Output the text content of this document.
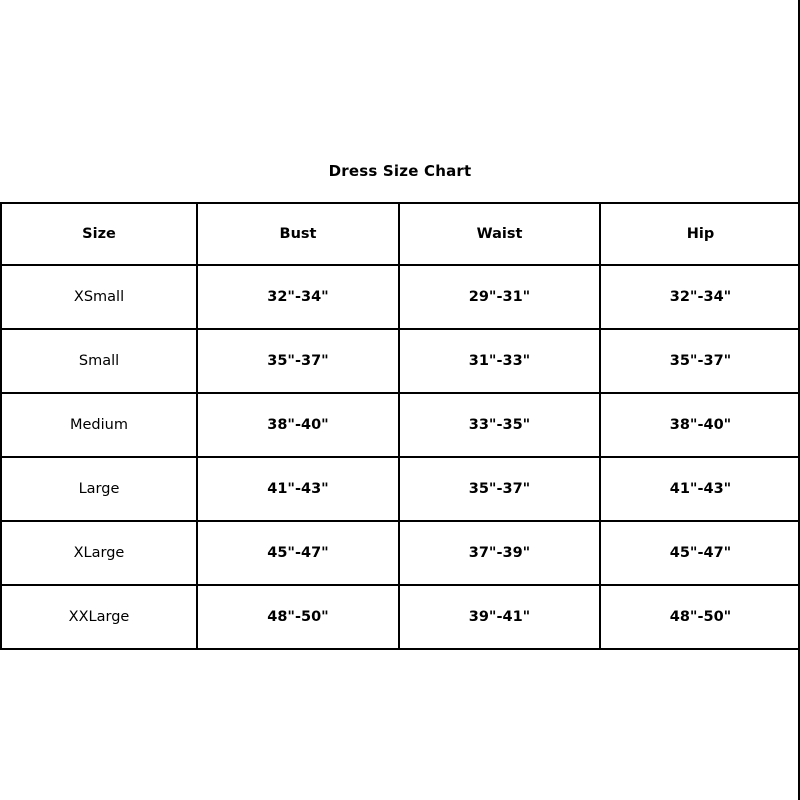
Dress Size Chart
Size	Bust	Waist	Hip
XSmall	32"-34"	29"-31"	32"-34"
Small	35"-37"	31"-33"	35"-37"
Medium	38"-40"	33"-35"	38"-40"
Large	41"-43"	35"-37"	41"-43"
XLarge	45"-47"	37"-39"	45"-47"
XXLarge	48"-50"	39"-41"	48"-50"
